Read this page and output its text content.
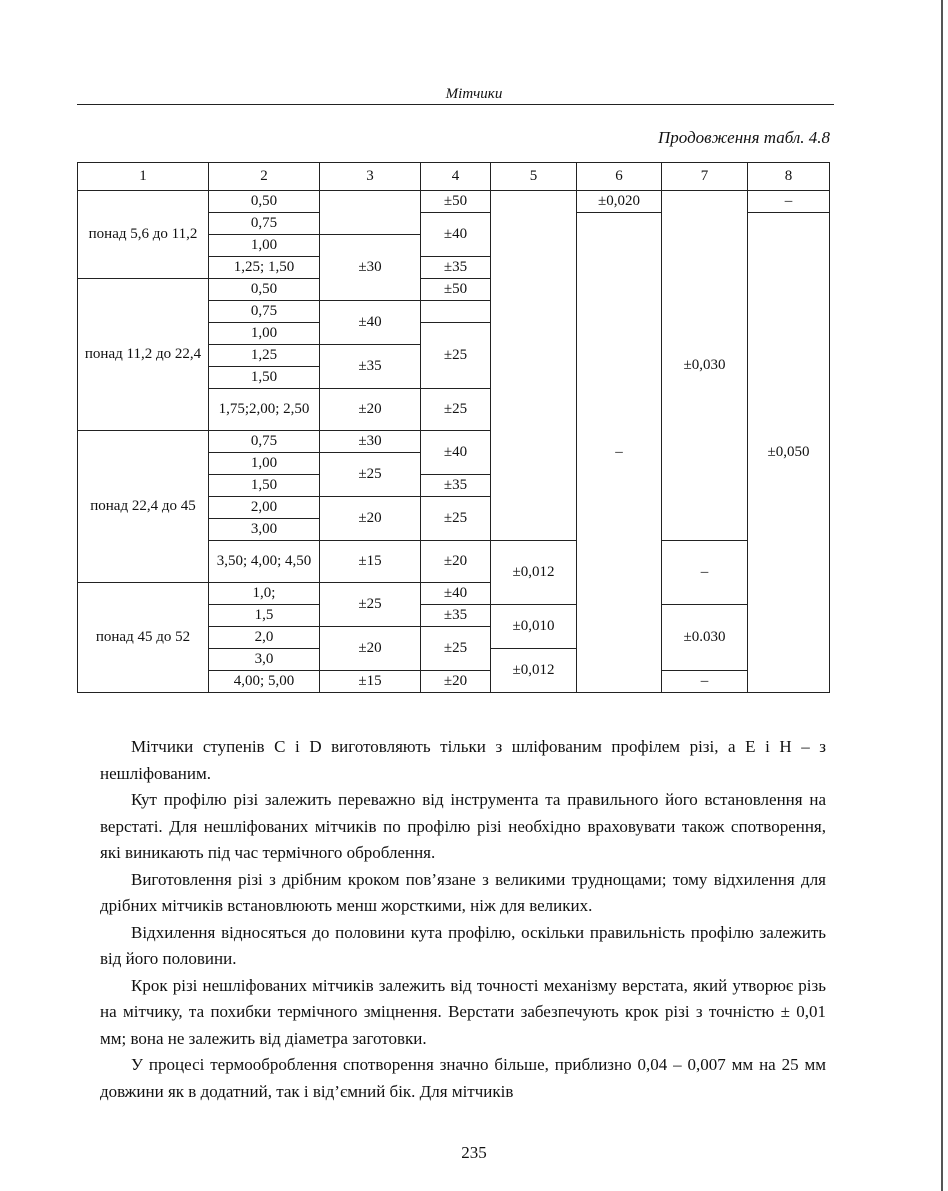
Мітчики
Продовження табл. 4.8
1	2	3	4	5	6	7	8
понад 5,6 до 11,2	0,50		±50		±0,020	±0,030	–
	0,75		±40		–		±0,050
	1,00	±30					
	1,25; 1,50		±35				
понад 11,2 до 22,4	0,50		±50				
	0,75	±40					
	1,00		±25				
	1,25	±35					
	1,50						
	1,75;2,00; 2,50	±20	±25				
понад 22,4 до 45	0,75	±30	±40				
	1,00	±25					
	1,50		±35				
	2,00	±20	±25				
	3,00						
	3,50; 4,00; 4,50	±15	±20	±0,012		–	
понад 45 до 52	1,0;	±25	±40				
	1,5		±35	±0,010		±0.030	
	2,0	±20	±25				
	3,0			±0,012			
	4,00; 5,00	±15	±20			–	

Мітчики ступенів С і D виготовляють тільки з шліфованим профілем різі, а Е і Н – з нешліфованим.

Кут профілю різі залежить переважно від інструмента та правильного його встановлення на верстаті. Для нешліфованих мітчиків по профілю різі необхідно враховувати також спотворення, які виникають під час термічного оброблення.

Виготовлення різі з дрібним кроком пов’язане з великими труднощами; тому відхилення для дрібних мітчиків встановлюють менш жорсткими, ніж для великих.

Відхилення відносяться до половини кута профілю, оскільки правильність профілю залежить від його половини.

Крок різі нешліфованих мітчиків залежить від точності механізму верстата, який утворює різь на мітчику, та похибки термічного зміцнення. Верстати забезпечують крок різі з точністю ± 0,01 мм; вона не залежить від діаметра заготовки.

У процесі термооброблення спотворення значно більше, приблизно 0,04 – 0,007 мм на 25 мм довжини як в додатний, так і від’ємний бік. Для мітчиків

235
